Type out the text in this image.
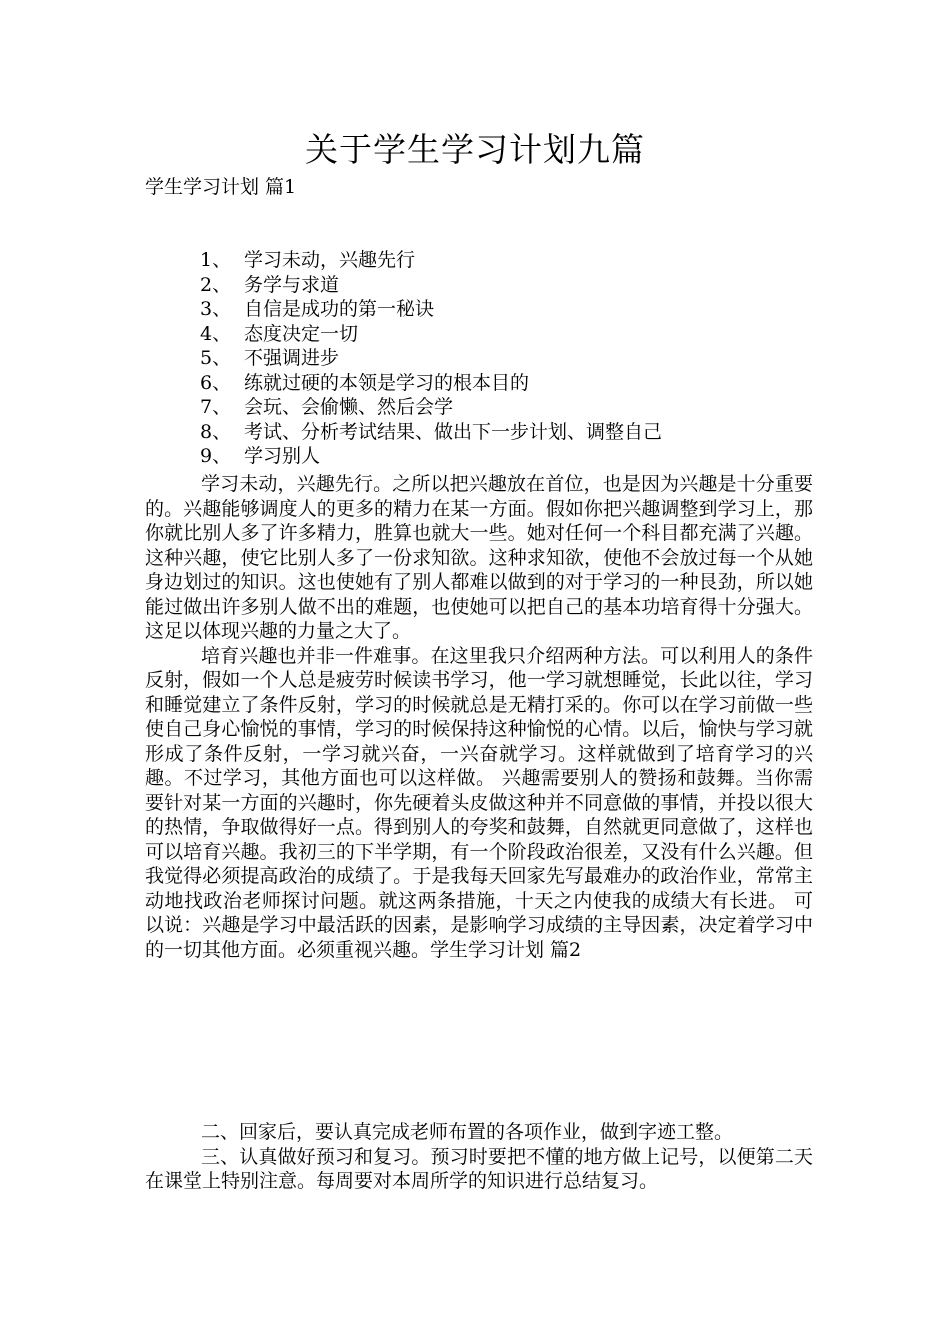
关于学生学习计划九篇
学生学习计划 篇1
1、 学习未动，兴趣先行
2、 务学与求道
3、 自信是成功的第一秘诀
4、 态度决定一切
5、 不强调进步
6、 练就过硬的本领是学习的根本目的
7、 会玩、会偷懒、然后会学
8、 考试、分析考试结果、做出下一步计划、调整自己
9、 学习别人

学习未动，兴趣先行。之所以把兴趣放在首位，也是因为兴趣是十分重要的。兴趣能够调度人的更多的精力在某一方面。假如你把兴趣调整到学习上，那你就比别人多了许多精力，胜算也就大一些。她对任何一个科目都充满了兴趣。这种兴趣，使它比别人多了一份求知欲。这种求知欲，使他不会放过每一个从她身边划过的知识。这也使她有了别人都难以做到的对于学习的一种艮劲，所以她能过做出许多别人做不出的难题，也使她可以把自己的基本功培育得十分强大。这足以体现兴趣的力量之大了。

培育兴趣也并非一件难事。在这里我只介绍两种方法。可以利用人的条件反射，假如一个人总是疲劳时候读书学习，他一学习就想睡觉，长此以往，学习和睡觉建立了条件反射，学习的时候就总是无精打采的。你可以在学习前做一些使自己身心愉悦的事情，学习的时候保持这种愉悦的心情。以后，愉快与学习就形成了条件反射，一学习就兴奋，一兴奋就学习。这样就做到了培育学习的兴趣。不过学习，其他方面也可以这样做。 兴趣需要别人的赞扬和鼓舞。当你需要针对某一方面的兴趣时，你先硬着头皮做这种并不同意做的事情，并投以很大的热情，争取做得好一点。得到别人的夸奖和鼓舞，自然就更同意做了，这样也可以培育兴趣。我初三的下半学期，有一个阶段政治很差，又没有什么兴趣。但我觉得必须提高政治的成绩了。于是我每天回家先写最难办的政治作业，常常主动地找政治老师探讨问题。就这两条措施，十天之内使我的成绩大有长进。 可以说：兴趣是学习中最活跃的因素，是影响学习成绩的主导因素，决定着学习中的一切其他方面。必须重视兴趣。学生学习计划 篇2

二、回家后，要认真完成老师布置的各项作业，做到字迹工整。

三、认真做好预习和复习。预习时要把不懂的地方做上记号，以便第二天在课堂上特别注意。每周要对本周所学的知识进行总结复习。
